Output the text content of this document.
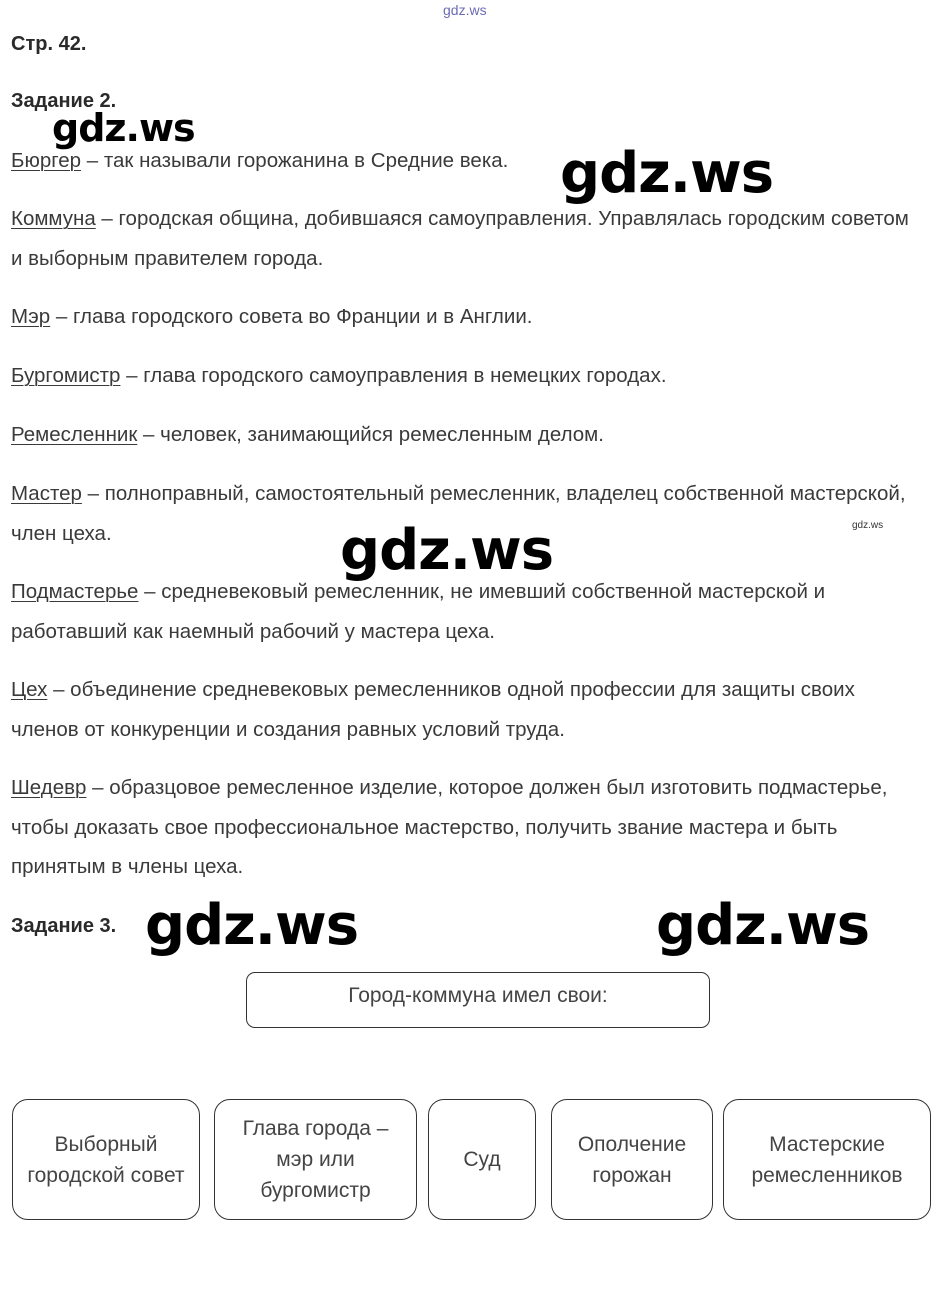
gdz.ws
Стр. 42.
Задание 2.
Бюргер – так называли горожанина в Средние века.
Коммуна – городская община, добившаяся самоуправления. Управлялась городским советом и выборным правителем города.
Мэр – глава городского совета во Франции и в Англии.
Бургомистр – глава городского самоуправления в немецких городах.
Ремесленник – человек, занимающийся ремесленным делом.
Мастер – полноправный, самостоятельный ремесленник, владелец собственной мастерской, член цеха.
Подмастерье – средневековый ремесленник, не имевший собственной мастерской и работавший как наемный рабочий у мастера цеха.
Цех – объединение средневековых ремесленников одной профессии для защиты своих членов от конкуренции и создания равных условий труда.
Шедевр – образцовое ремесленное изделие, которое должен был изготовить подмастерье, чтобы доказать свое профессиональное мастерство, получить звание мастера и быть принятым в члены цеха.
gdz.ws
gdz.ws
gdz.ws	gdz.ws
gdz.ws	gdz.ws
Задание 3.
Город-коммуна имел свои:
Выборный городской совет
Глава города – мэр или бургомистр
Суд
Ополчение горожан
Мастерские ремесленников
